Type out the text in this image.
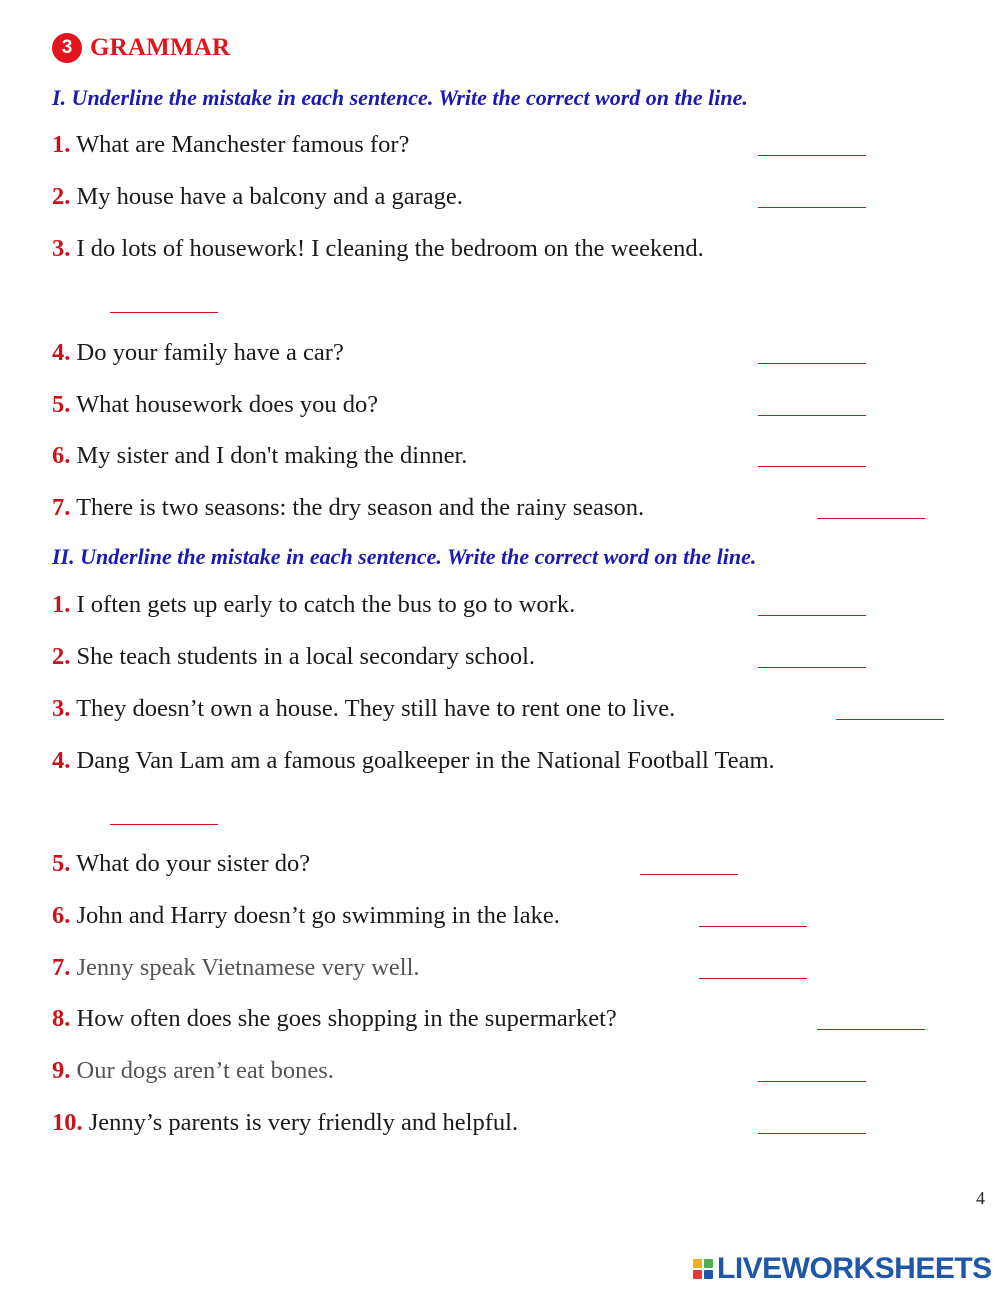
3 GRAMMAR
I. Underline the mistake in each sentence. Write the correct word on the line.
1. What are Manchester famous for?
2. My house have a balcony and a garage.
3. I do lots of housework! I cleaning the bedroom on the weekend.
4. Do your family have a car?
5. What housework does you do?
6. My sister and I don't making the dinner.
7. There is two seasons: the dry season and the rainy season.
II. Underline the mistake in each sentence. Write the correct word on the line.
1. I often gets up early to catch the bus to go to work.
2. She teach students in a local secondary school.
3. They doesn’t own a house. They still have to rent one to live.
4. Dang Van Lam am a famous goalkeeper in the National Football Team.
5. What do your sister do?
6. John and Harry doesn’t go swimming in the lake.
7. Jenny speak Vietnamese very well.
8. How often does she goes shopping in the supermarket?
9. Our dogs aren’t eat bones.
10. Jenny’s parents is very friendly and helpful.
4
LIVEWORKSHEETS
